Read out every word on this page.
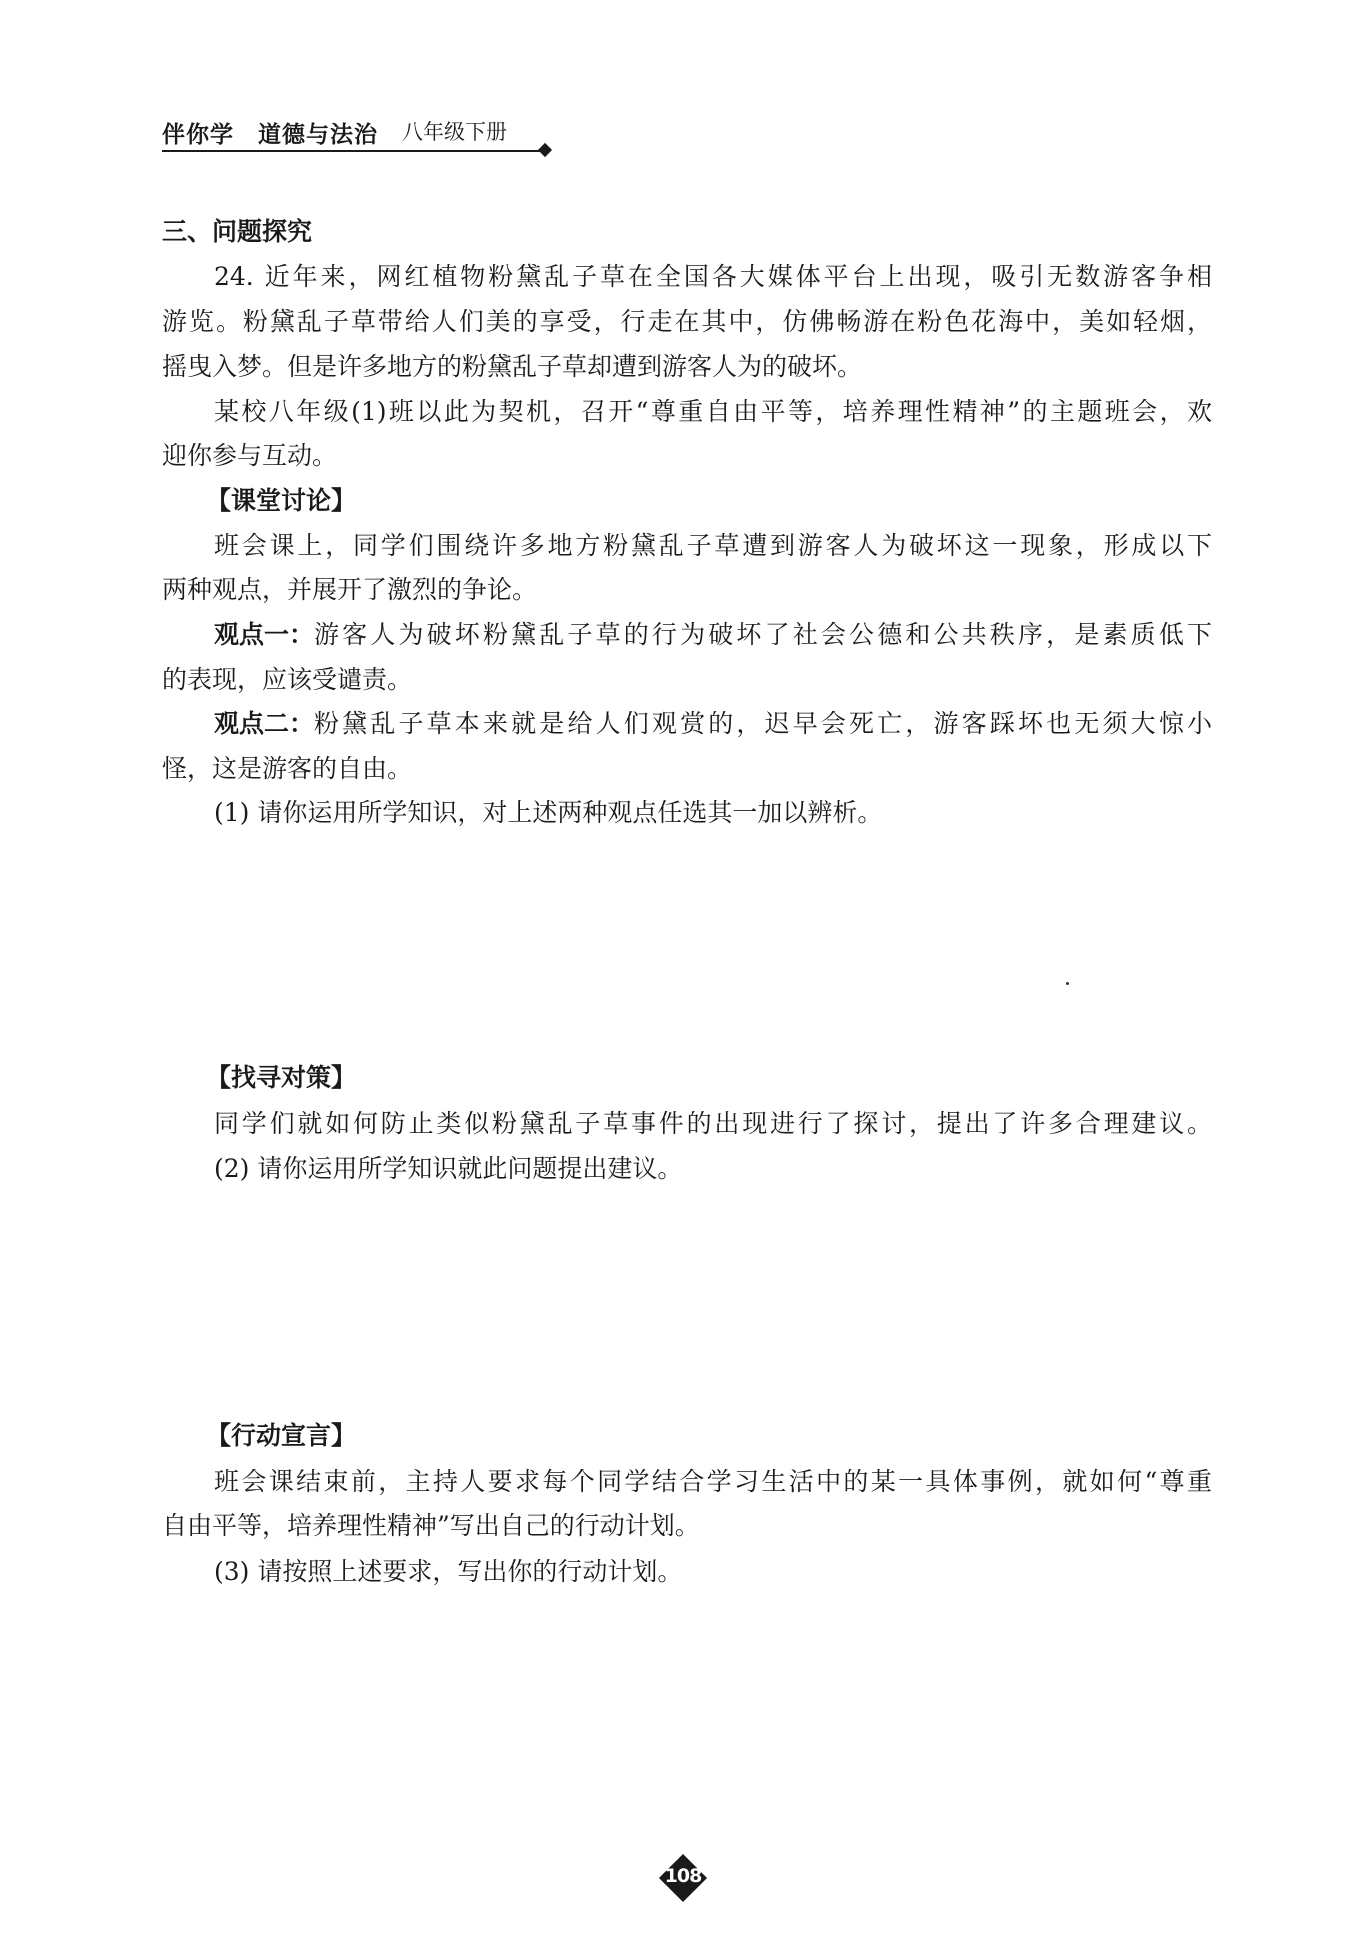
伴你学 道德与法治 八年级下册
三、问题探究
24. 近年来，网红植物粉黛乱子草在全国各大媒体平台上出现，吸引无数游客争相
游览。粉黛乱子草带给人们美的享受，行走在其中，仿佛畅游在粉色花海中，美如轻烟，
摇曳入梦。但是许多地方的粉黛乱子草却遭到游客人为的破坏。
某校八年级(1)班以此为契机，召开“尊重自由平等，培养理性精神”的主题班会，欢
迎你参与互动。
【课堂讨论】
班会课上，同学们围绕许多地方粉黛乱子草遭到游客人为破坏这一现象，形成以下
两种观点，并展开了激烈的争论。
观点一： 游客人为破坏粉黛乱子草的行为破坏了社会公德和公共秩序，是素质低下
的表现，应该受谴责。
观点二： 粉黛乱子草本来就是给人们观赏的，迟早会死亡，游客踩坏也无须大惊小
怪，这是游客的自由。
(1) 请你运用所学知识，对上述两种观点任选其一加以辨析。
【找寻对策】
同学们就如何防止类似粉黛乱子草事件的出现进行了探讨，提出了许多合理建议。
(2) 请你运用所学知识就此问题提出建议。
【行动宣言】
班会课结束前，主持人要求每个同学结合学习生活中的某一具体事例，就如何“尊重
自由平等，培养理性精神”写出自己的行动计划。
(3) 请按照上述要求，写出你的行动计划。
108
